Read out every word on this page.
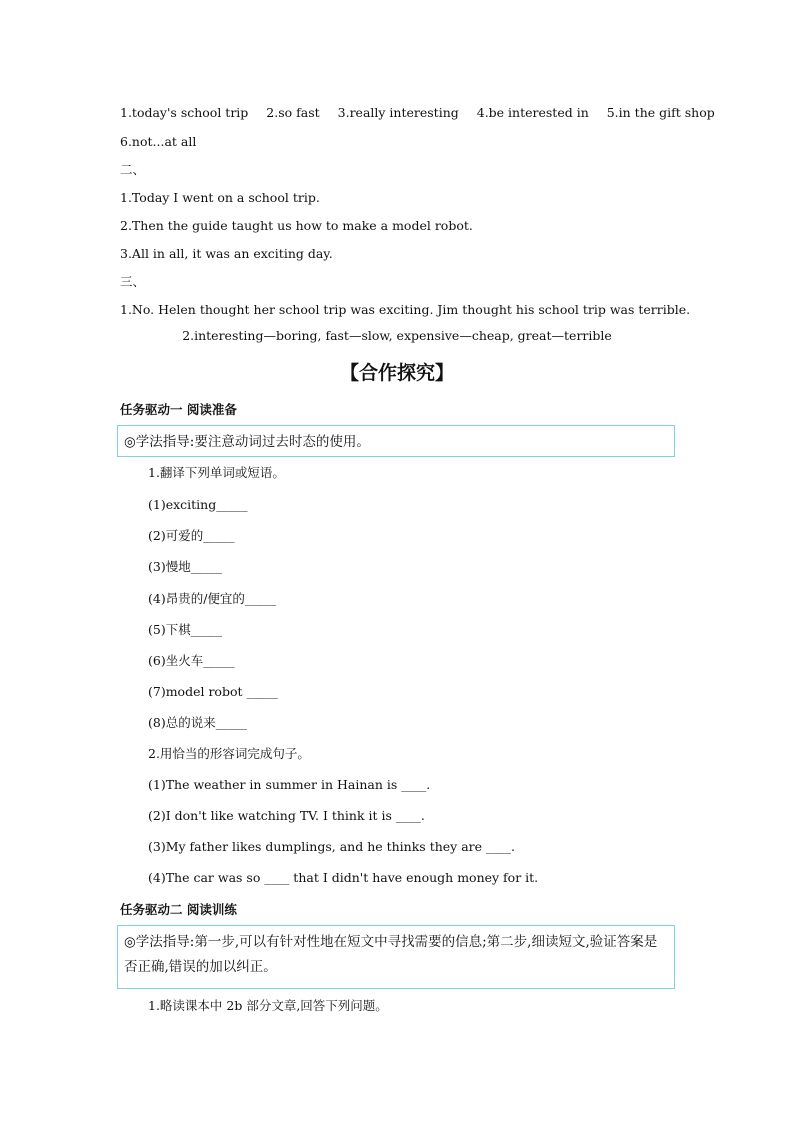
1.today's school trip 2.so fast 3.really interesting 4.be interested in 5.in the gift shop
6.not...at all
二、
1.Today I went on a school trip.
2.Then the guide taught us how to make a model robot.
3.All in all, it was an exciting day.
三、
1.No. Helen thought her school trip was exciting. Jim thought his school trip was terrible.
2.interesting—boring, fast—slow, expensive—cheap, great—terrible
【合作探究】
任务驱动一 阅读准备
◎学法指导:要注意动词过去时态的使用。
1.翻译下列单词或短语。
(1)exciting_____
(2)可爱的_____
(3)慢地_____
(4)昂贵的/便宜的_____
(5)下棋_____
(6)坐火车_____
(7)model robot _____
(8)总的说来_____
2.用恰当的形容词完成句子。
(1)The weather in summer in Hainan is ____.
(2)I don't like watching TV. I think it is ____.
(3)My father likes dumplings, and he thinks they are ____.
(4)The car was so ____ that I didn't have enough money for it.
任务驱动二 阅读训练
◎学法指导:第一步,可以有针对性地在短文中寻找需要的信息;第二步,细读短文,验证答案是否正确,错误的加以纠正。
1.略读课本中 2b 部分文章,回答下列问题。
